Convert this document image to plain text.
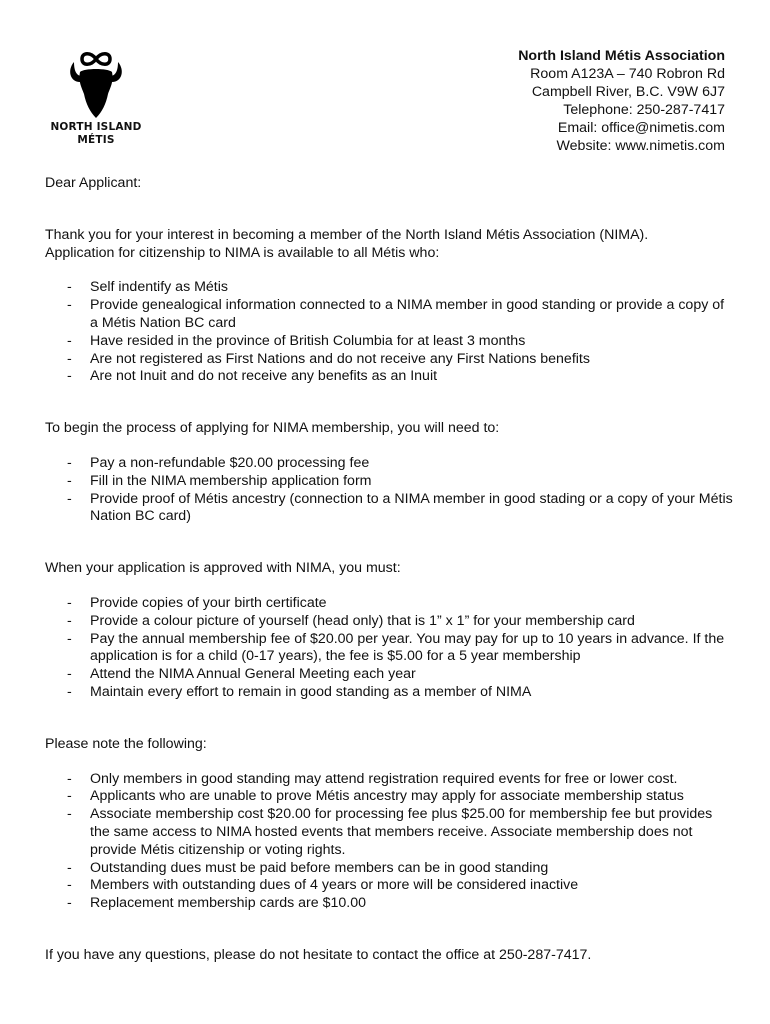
NORTH ISLAND
MÉTIS
North Island Métis Association
Room A123A – 740 Robron Rd
Campbell River, B.C. V9W 6J7
Telephone: 250-287-7417
Email: office@nimetis.com
Website: www.nimetis.com

Dear Applicant:

Thank you for your interest in becoming a member of the North Island Métis Association (NIMA).

Application for citizenship to NIMA is available to all Métis who:

- Self indentify as Métis
- Provide genealogical information connected to a NIMA member in good standing or provide a copy of a Métis Nation BC card
- Have resided in the province of British Columbia for at least 3 months
- Are not registered as First Nations and do not receive any First Nations benefits
- Are not Inuit and do not receive any benefits as an Inuit

To begin the process of applying for NIMA membership, you will need to:

- Pay a non-refundable $20.00 processing fee
- Fill in the NIMA membership application form
- Provide proof of Métis ancestry (connection to a NIMA member in good stading or a copy of your Métis Nation BC card)

When your application is approved with NIMA, you must:

- Provide copies of your birth certificate
- Provide a colour picture of yourself (head only) that is 1” x 1” for your membership card
- Pay the annual membership fee of $20.00 per year. You may pay for up to 10 years in advance. If the application is for a child (0-17 years), the fee is $5.00 for a 5 year membership
- Attend the NIMA Annual General Meeting each year
- Maintain every effort to remain in good standing as a member of NIMA

Please note the following:

- Only members in good standing may attend registration required events for free or lower cost.
- Applicants who are unable to prove Métis ancestry may apply for associate membership status
- Associate membership cost $20.00 for processing fee plus $25.00 for membership fee but provides the same access to NIMA hosted events that members receive. Associate membership does not provide Métis citizenship or voting rights.
- Outstanding dues must be paid before members can be in good standing
- Members with outstanding dues of 4 years or more will be considered inactive
- Replacement membership cards are $10.00

If you have any questions, please do not hesitate to contact the office at 250-287-7417.
